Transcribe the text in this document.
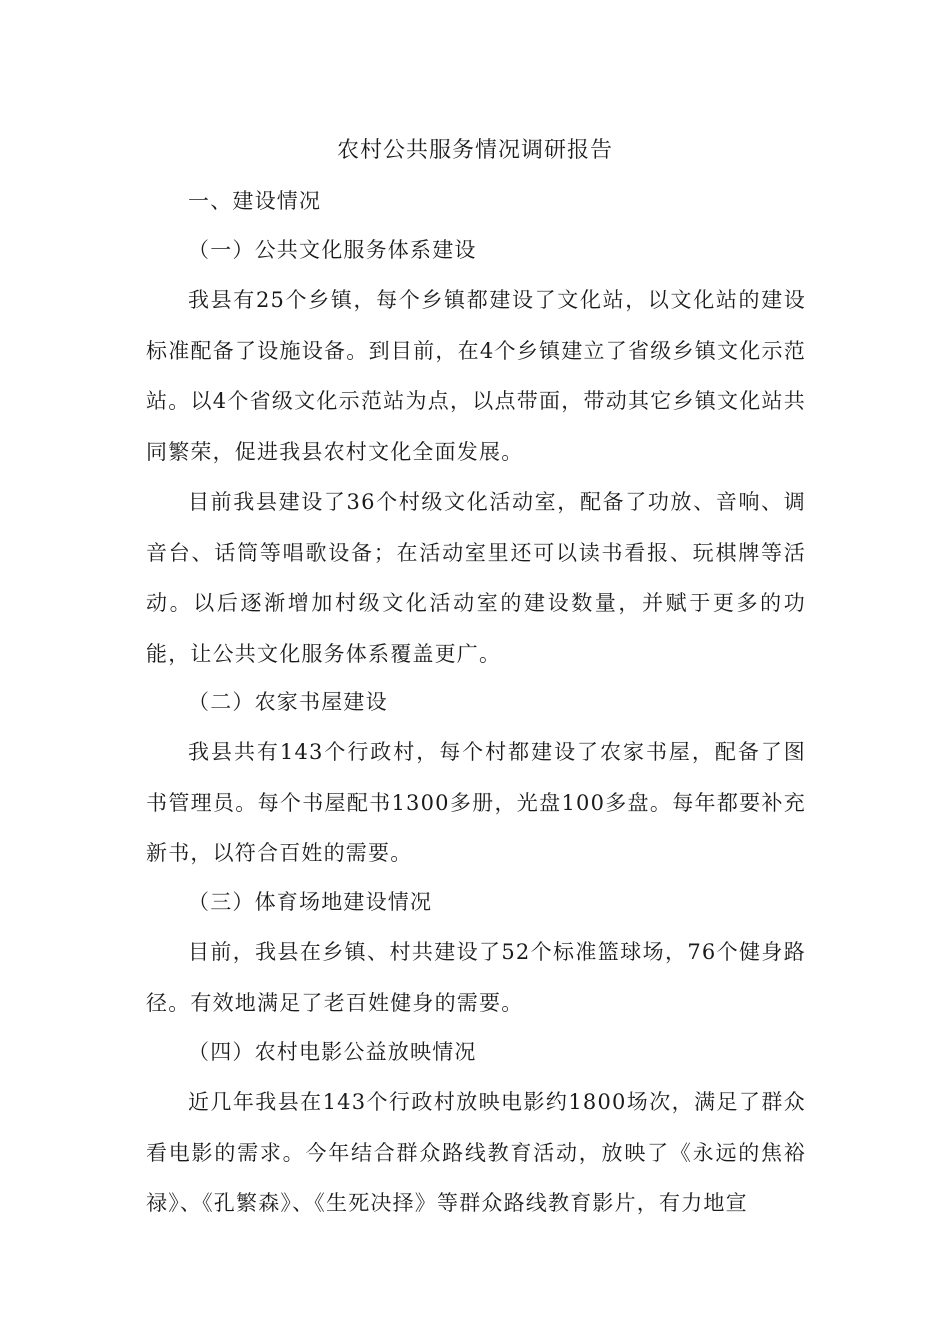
农村公共服务情况调研报告

一、建设情况

（一）公共文化服务体系建设

我县有25个乡镇，每个乡镇都建设了文化站，以文化站的建设标准配备了设施设备。到目前，在4个乡镇建立了省级乡镇文化示范站。以4个省级文化示范站为点，以点带面，带动其它乡镇文化站共同繁荣，促进我县农村文化全面发展。

目前我县建设了36个村级文化活动室，配备了功放、音响、调音台、话筒等唱歌设备；在活动室里还可以读书看报、玩棋牌等活动。以后逐渐增加村级文化活动室的建设数量，并赋于更多的功能，让公共文化服务体系覆盖更广。

（二）农家书屋建设

我县共有143个行政村，每个村都建设了农家书屋，配备了图书管理员。每个书屋配书1300多册，光盘100多盘。每年都要补充新书，以符合百姓的需要。

（三）体育场地建设情况

目前，我县在乡镇、村共建设了52个标准篮球场，76个健身路径。有效地满足了老百姓健身的需要。

（四）农村电影公益放映情况

近几年我县在143个行政村放映电影约1800场次，满足了群众看电影的需求。今年结合群众路线教育活动，放映了《永远的焦裕禄》、《孔繁森》、《生死决择》等群众路线教育影片，有力地宣
